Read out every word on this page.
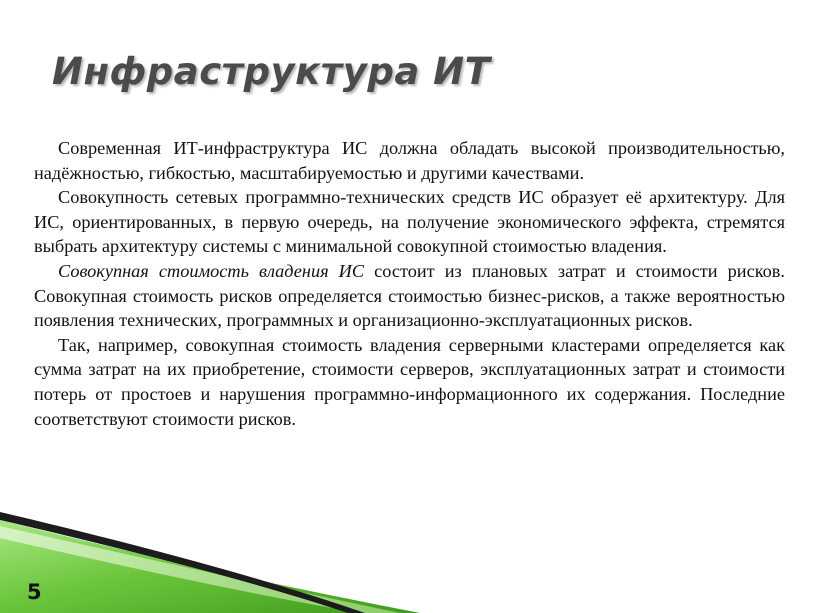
Инфраструктура ИТ

Современная ИТ-инфраструктура ИС должна обладать высокой производительностью, надёжностью, гибкостью, масштабируемостью и другими качествами.

Совокупность сетевых программно-технических средств ИС образует её архитектуру. Для ИС, ориентированных, в первую очередь, на получение экономического эффекта, стремятся выбрать архитектуру системы с минимальной совокупной стоимостью владения.

Совокупная стоимость владения ИС состоит из плановых затрат и стоимости рисков. Совокупная стоимость рисков определяется стоимостью бизнес-рисков, а также вероятностью появления технических, программных и организационно-эксплуатационных рисков.

Так, например, совокупная стоимость владения серверными кластерами определяется как сумма затрат на их приобретение, стоимости серверов, эксплуатационных затрат и стоимости потерь от простоев и нарушения программно-информационного их содержания. Последние соответствуют стоимости рисков.

5
